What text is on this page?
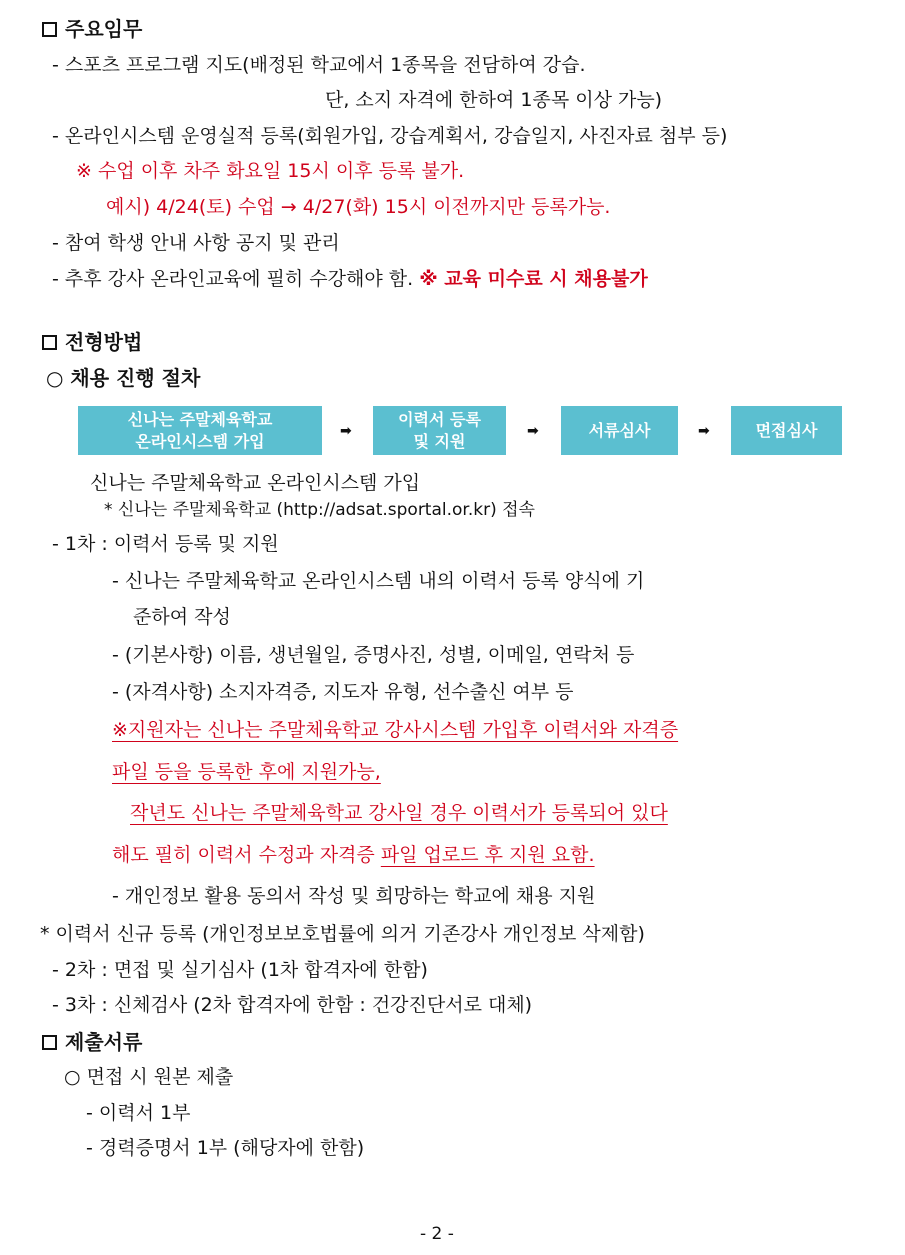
주요임무
- 스포츠 프로그램 지도(배정된 학교에서 1종목을 전담하여 강습.
단, 소지 자격에 한하여 1종목 이상 가능)
- 온라인시스템 운영실적 등록(회원가입, 강습계획서, 강습일지, 사진자료 첨부 등)
※ 수업 이후 차주 화요일 15시 이후 등록 불가.
예시) 4/24(토) 수업 → 4/27(화) 15시 이전까지만 등록가능.
- 참여 학생 안내 사항 공지 및 관리
- 추후 강사 온라인교육에 필히 수강해야 함. ※ 교육 미수료 시 채용불가
전형방법
○ 채용 진행 절차
신나는 주말체육학교
온라인시스템 가입
➡
이력서 등록
및 지원
➡	서류심사	➡	면접심사
신나는 주말체육학교 온라인시스템 가입
* 신나는 주말체육학교 (http://adsat.sportal.or.kr) 접속
- 1차 : 이력서 등록 및 지원
- 신나는 주말체육학교 온라인시스템 내의 이력서 등록 양식에 기
준하여 작성
- (기본사항) 이름, 생년월일, 증명사진, 성별, 이메일, 연락처 등
- (자격사항) 소지자격증, 지도자 유형, 선수출신 여부 등
※지원자는 신나는 주말체육학교 강사시스템 가입후 이력서와 자격증
파일 등을 등록한 후에 지원가능,
작년도 신나는 주말체육학교 강사일 경우 이력서가 등록되어 있다
해도 필히 이력서 수정과 자격증 파일 업로드 후 지원 요함.
- 개인정보 활용 동의서 작성 및 희망하는 학교에 채용 지원
* 이력서 신규 등록 (개인정보보호법률에 의거 기존강사 개인정보 삭제함)
- 2차 : 면접 및 실기심사 (1차 합격자에 한함)
- 3차 : 신체검사 (2차 합격자에 한함 : 건강진단서로 대체)
제출서류
○ 면접 시 원본 제출
- 이력서 1부
- 경력증명서 1부 (해당자에 한함)
- 2 -
